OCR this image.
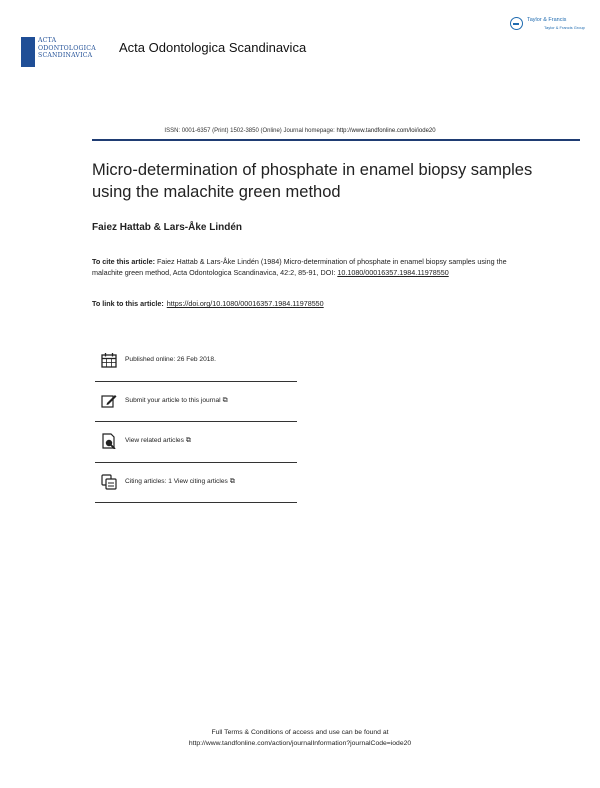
ACTA
ODONTOLOGICA
SCANDINAVICA
Acta Odontologica Scandinavica
Taylor & Francis
Taylor & Francis Group
ISSN: 0001-6357 (Print) 1502-3850 (Online) Journal homepage: http://www.tandfonline.com/loi/iode20
Micro-determination of phosphate in enamel biopsy samples using the malachite green method
Faiez Hattab & Lars-Åke Lindén
To cite this article: Faiez Hattab & Lars-Åke Lindén (1984) Micro-determination of phosphate in enamel biopsy samples using the malachite green method, Acta Odontologica Scandinavica, 42:2, 85-91, DOI: 10.1080/00016357.1984.11978550
To link to this article: https://doi.org/10.1080/00016357.1984.11978550
Published online: 26 Feb 2018.
Submit your article to this journal ⧉
View related articles ⧉
Citing articles: 1 View citing articles ⧉
Full Terms & Conditions of access and use can be found at
http://www.tandfonline.com/action/journalInformation?journalCode=iode20
